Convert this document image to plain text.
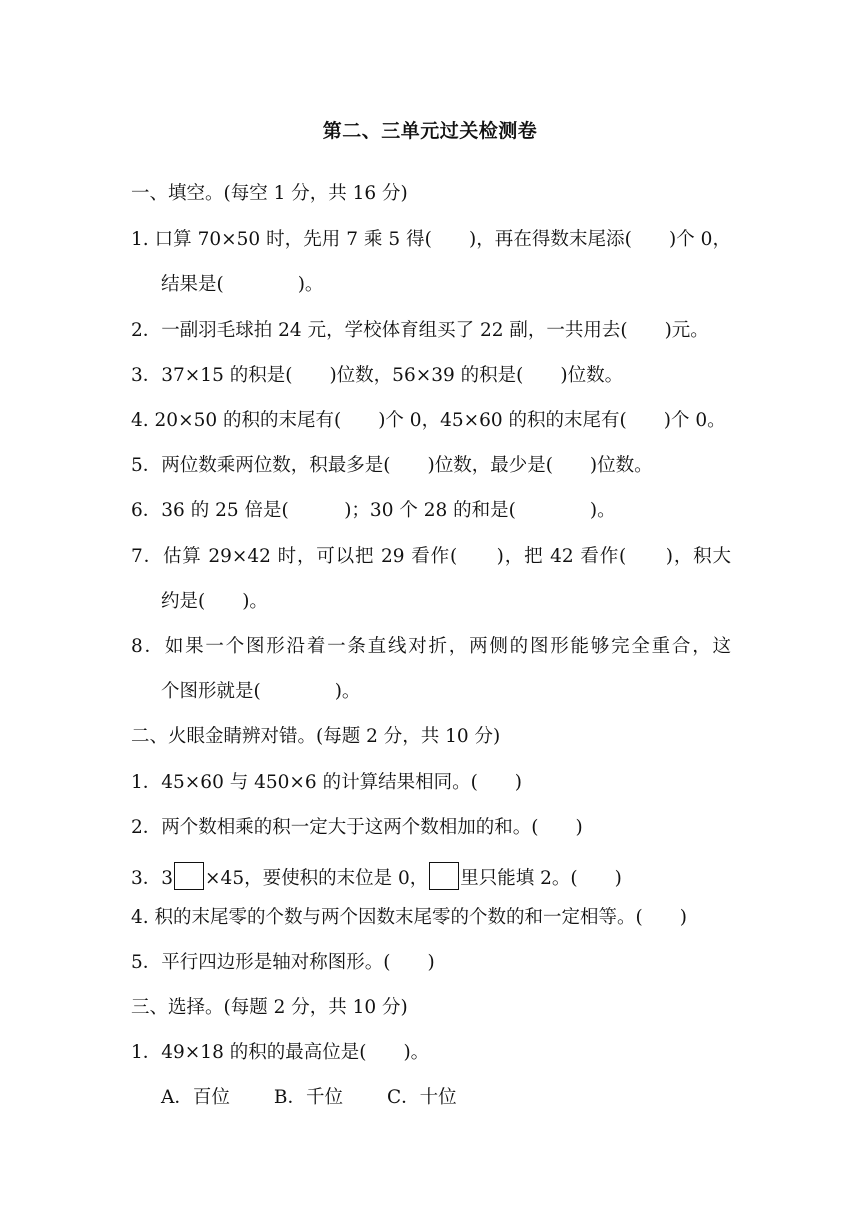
第二、三单元过关检测卷
一、填空。(每空 1 分，共 16 分)
1. 口算 70×50 时，先用 7 乘 5 得(　　)，再在得数末尾添(　　)个 0，
结果是(　　　　)。
2．一副羽毛球拍 24 元，学校体育组买了 22 副，一共用去(　　)元。
3．37×15 的积是(　　)位数，56×39 的积是(　　)位数。
4. 20×50 的积的末尾有(　　)个 0，45×60 的积的末尾有(　　)个 0。
5．两位数乘两位数，积最多是(　　)位数，最少是(　　)位数。
6．36 的 25 倍是(　　　)；30 个 28 的和是(　　　　)。
7．估算 29×42 时，可以把 29 看作(　　)，把 42 看作(　　)，积大
约是(　　)。
8．如果一个图形沿着一条直线对折，两侧的图形能够完全重合，这
个图形就是(　　　　)。
二、火眼金睛辨对错。(每题 2 分，共 10 分)
1．45×60 与 450×6 的计算结果相同。(　　)
2．两个数相乘的积一定大于这两个数相加的和。(　　)
3．3 ×45，要使积的末位是 0， 里只能填 2。(　　)
4. 积的末尾零的个数与两个因数末尾零的个数的和一定相等。(　　)
5．平行四边形是轴对称图形。(　　)
三、选择。(每题 2 分，共 10 分)
1．49×18 的积的最高位是(　　)。
A．百位 B．千位 C．十位
